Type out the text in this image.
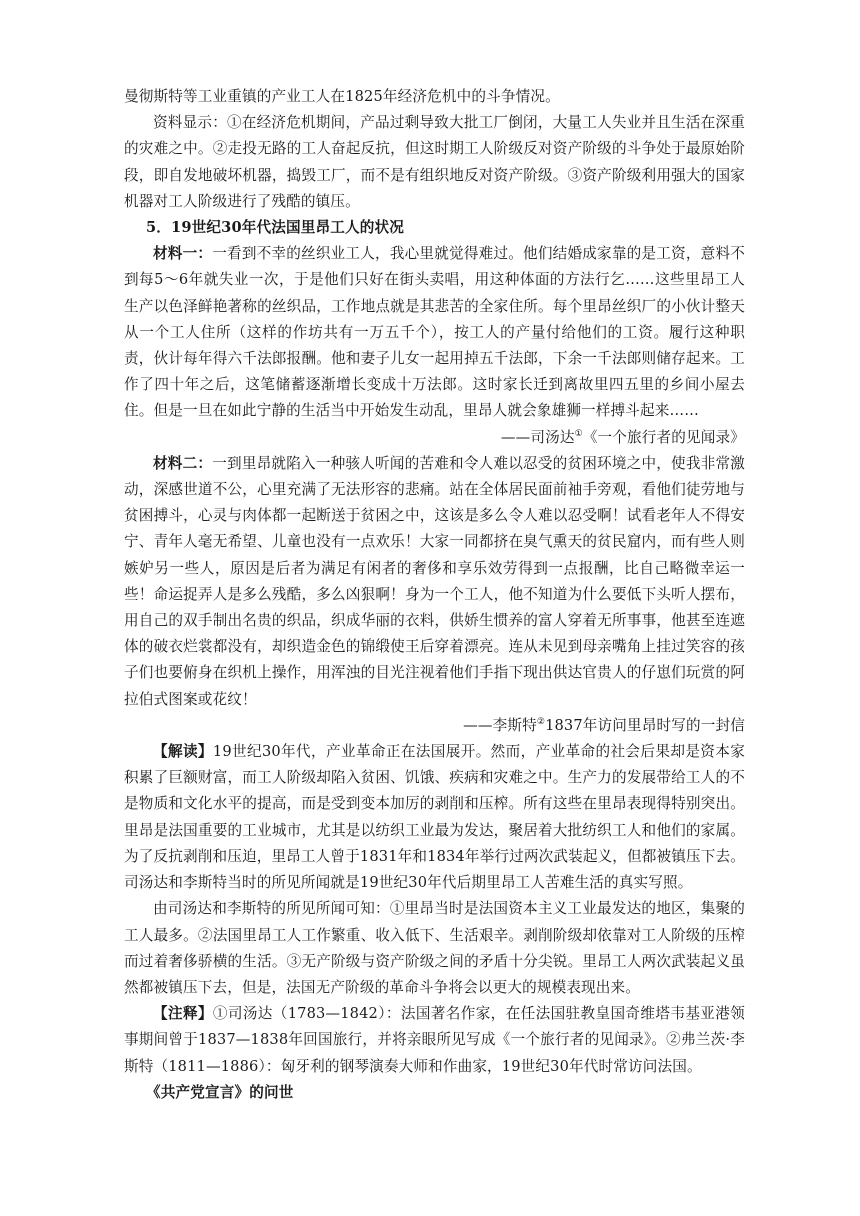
曼彻斯特等工业重镇的产业工人在1825年经济危机中的斗争情况。

资料显示：①在经济危机期间，产品过剩导致大批工厂倒闭，大量工人失业并且生活在深重的灾难之中。②走投无路的工人奋起反抗，但这时期工人阶级反对资产阶级的斗争处于最原始阶段，即自发地破坏机器，捣毁工厂，而不是有组织地反对资产阶级。③资产阶级利用强大的国家机器对工人阶级进行了残酷的镇压。

5．19世纪30年代法国里昂工人的状况

材料一：一看到不幸的丝织业工人，我心里就觉得难过。他们结婚成家靠的是工资，意料不到每5～6年就失业一次，于是他们只好在街头卖唱，用这种体面的方法行乞……这些里昂工人生产以色泽鲜艳著称的丝织品，工作地点就是其悲苦的全家住所。每个里昂丝织厂的小伙计整天从一个工人住所（这样的作坊共有一万五千个），按工人的产量付给他们的工资。履行这种职责，伙计每年得六千法郎报酬。他和妻子儿女一起用掉五千法郎，下余一千法郎则储存起来。工作了四十年之后，这笔储蓄逐渐增长变成十万法郎。这时家长迁到离故里四五里的乡间小屋去住。但是一旦在如此宁静的生活当中开始发生动乱，里昂人就会象雄狮一样搏斗起来……

——司汤达①《一个旅行者的见闻录》

材料二：一到里昂就陷入一种骇人听闻的苦难和令人难以忍受的贫困环境之中，使我非常激动，深感世道不公，心里充满了无法形容的悲痛。站在全体居民面前袖手旁观，看他们徒劳地与贫困搏斗，心灵与肉体都一起断送于贫困之中，这该是多么令人难以忍受啊！试看老年人不得安宁、青年人毫无希望、儿童也没有一点欢乐！大家一同都挤在臭气熏天的贫民窟内，而有些人则嫉妒另一些人，原因是后者为满足有闲者的奢侈和享乐效劳得到一点报酬，比自己略微幸运一些！命运捉弄人是多么残酷，多么凶狠啊！身为一个工人，他不知道为什么要低下头听人摆布，用自己的双手制出名贵的织品，织成华丽的衣料，供娇生惯养的富人穿着无所事事，他甚至连遮体的破衣烂裳都没有，却织造金色的锦缎使王后穿着漂亮。连从未见到母亲嘴角上挂过笑容的孩子们也要俯身在织机上操作，用浑浊的目光注视着他们手指下现出供达官贵人的仔崽们玩赏的阿拉伯式图案或花纹！

——李斯特②1837年访问里昂时写的一封信

【解读】19世纪30年代，产业革命正在法国展开。然而，产业革命的社会后果却是资本家积累了巨额财富，而工人阶级却陷入贫困、饥饿、疾病和灾难之中。生产力的发展带给工人的不是物质和文化水平的提高，而是受到变本加厉的剥削和压榨。所有这些在里昂表现得特别突出。里昂是法国重要的工业城市，尤其是以纺织工业最为发达，聚居着大批纺织工人和他们的家属。为了反抗剥削和压迫，里昂工人曾于1831年和1834年举行过两次武装起义，但都被镇压下去。司汤达和李斯特当时的所见所闻就是19世纪30年代后期里昂工人苦难生活的真实写照。

由司汤达和李斯特的所见所闻可知：①里昂当时是法国资本主义工业最发达的地区，集聚的工人最多。②法国里昂工人工作繁重、收入低下、生活艰辛。剥削阶级却依靠对工人阶级的压榨而过着奢侈骄横的生活。③无产阶级与资产阶级之间的矛盾十分尖锐。里昂工人两次武装起义虽然都被镇压下去，但是，法国无产阶级的革命斗争将会以更大的规模表现出来。

【注释】①司汤达（1783—1842）：法国著名作家，在任法国驻教皇国奇维塔韦基亚港领事期间曾于1837—1838年回国旅行，并将亲眼所见写成《一个旅行者的见闻录》。②弗兰茨·李斯特（1811—1886）：匈牙利的钢琴演奏大师和作曲家，19世纪30年代时常访问法国。

《共产党宣言》的问世
